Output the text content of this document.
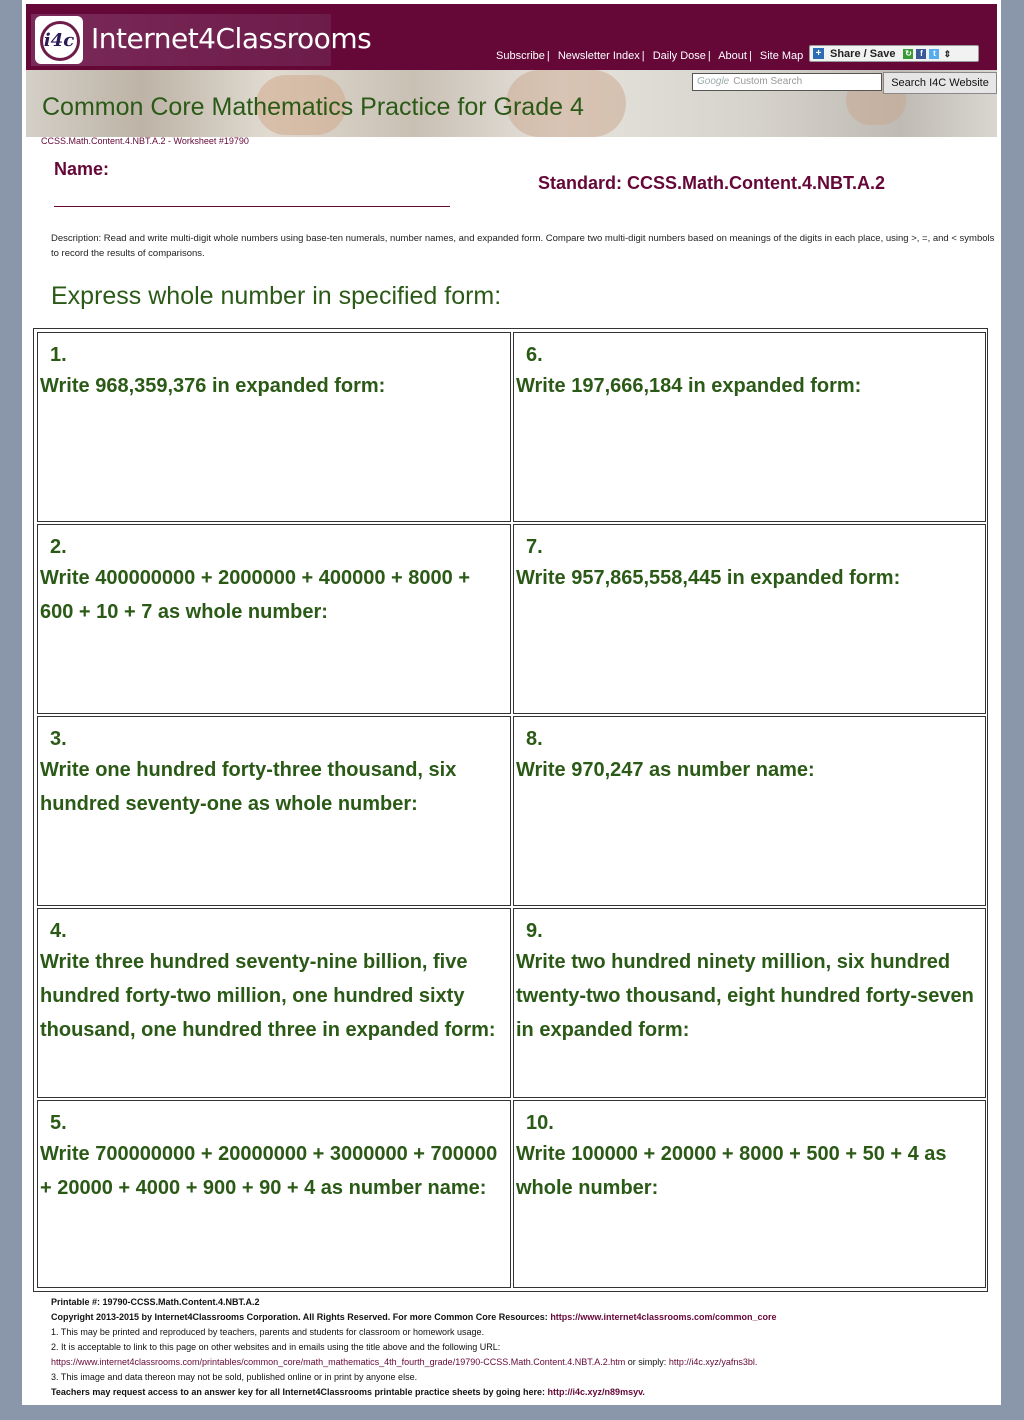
i4c Internet4Classrooms
Subscribe | Newsletter Index | Daily Dose | About | Site Map + Share / Save ↻	f	t ⇕
Google Custom Search	Search I4C Website
Common Core Mathematics Practice for Grade 4
CCSS.Math.Content.4.NBT.A.2 - Worksheet #19790
Name:
Standard: CCSS.Math.Content.4.NBT.A.2
Description: Read and write multi-digit whole numbers using base-ten numerals, number names, and expanded form. Compare two multi-digit numbers based on meanings of the digits in each place, using >, =, and < symbols to record the results of comparisons.
Express whole number in specified form:
1.
Write 968,359,376 in expanded form:
2.
Write 400000000 + 2000000 + 400000 + 8000 + 600 + 10 + 7 as whole number:
3.
Write one hundred forty-three thousand, six hundred seventy-one as whole number:
4.
Write three hundred seventy-nine billion, five hundred forty-two million, one hundred sixty thousand, one hundred three in expanded form:
5.
Write 700000000 + 20000000 + 3000000 + 700000 + 20000 + 4000 + 900 + 90 + 4 as number name:
6.
Write 197,666,184 in expanded form:
7.
Write 957,865,558,445 in expanded form:
8.
Write 970,247 as number name:
9.
Write two hundred ninety million, six hundred twenty-two thousand, eight hundred forty-seven in expanded form:
10.
Write 100000 + 20000 + 8000 + 500 + 50 + 4 as whole number:
Printable #: 19790-CCSS.Math.Content.4.NBT.A.2
Copyright 2013-2015 by Internet4Classrooms Corporation. All Rights Reserved. For more Common Core Resources: https://www.internet4classrooms.com/common_core
1. This may be printed and reproduced by teachers, parents and students for classroom or homework usage.
2. It is acceptable to link to this page on other websites and in emails using the title above and the following URL:
https://www.internet4classrooms.com/printables/common_core/math_mathematics_4th_fourth_grade/19790-CCSS.Math.Content.4.NBT.A.2.htm or simply: http://i4c.xyz/yafns3bl.
3. This image and data thereon may not be sold, published online or in print by anyone else.
Teachers may request access to an answer key for all Internet4Classrooms printable practice sheets by going here: http://i4c.xyz/n89msyv.
